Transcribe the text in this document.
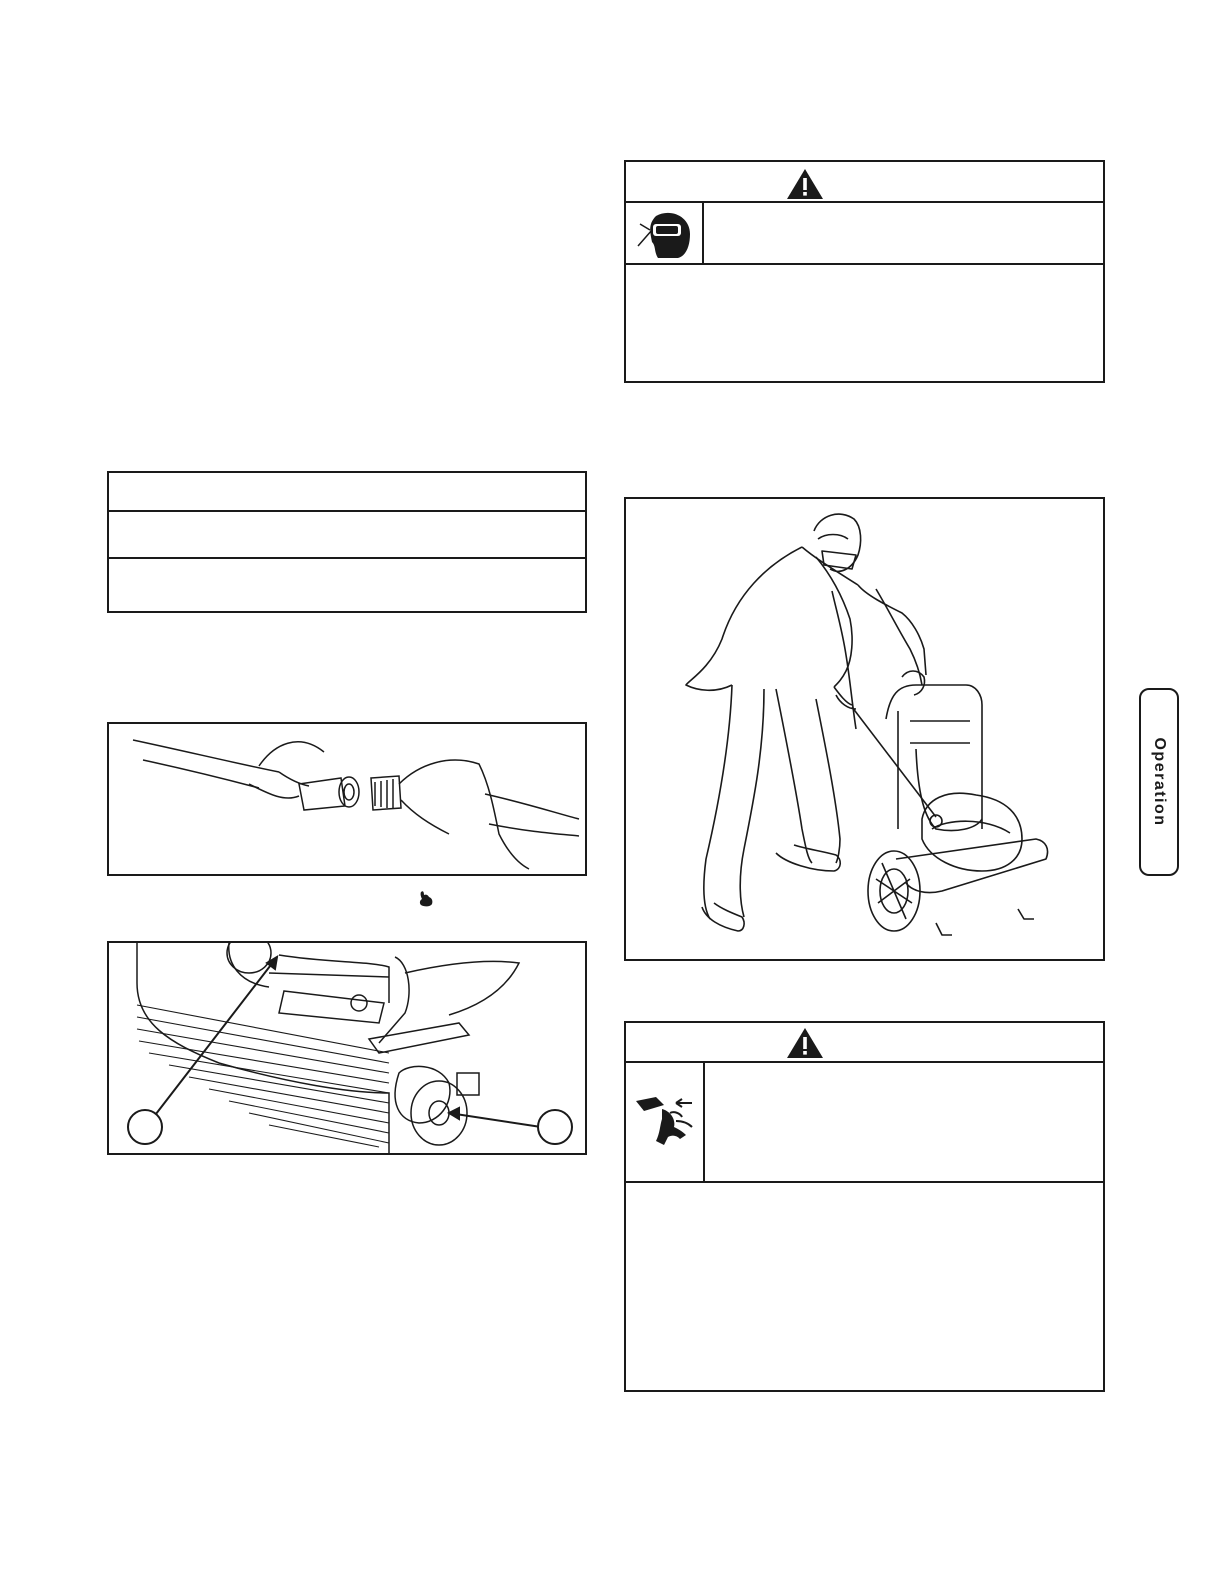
Operation
